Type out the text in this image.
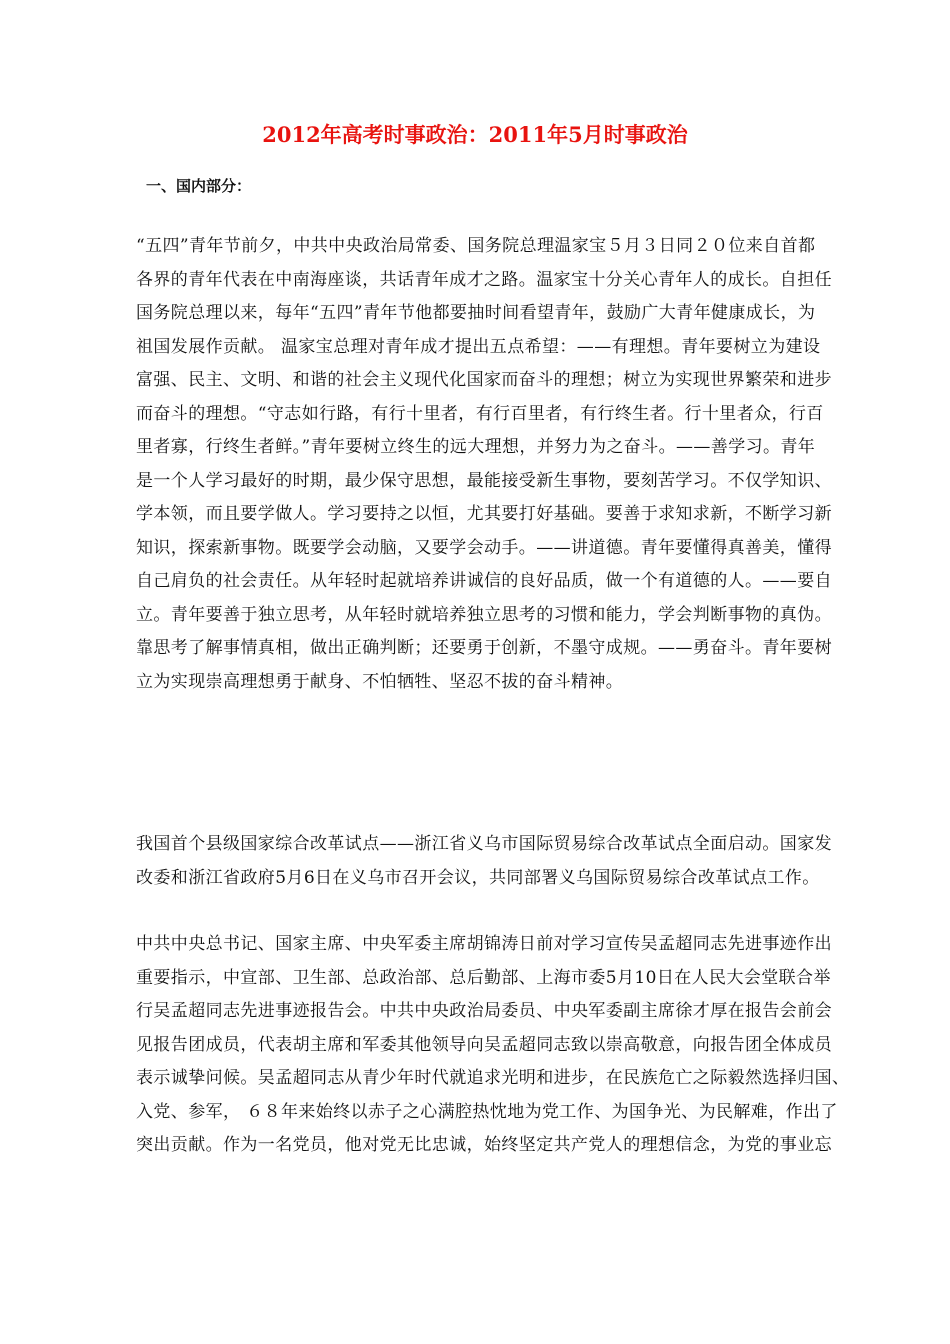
2012年高考时事政治：2011年5月时事政治
一、国内部分：
“五四”青年节前夕，中共中央政治局常委、国务院总理温家宝５月３日同２０位来自首都
各界的青年代表在中南海座谈，共话青年成才之路。温家宝十分关心青年人的成长。自担任
国务院总理以来，每年“五四”青年节他都要抽时间看望青年，鼓励广大青年健康成长，为
祖国发展作贡献。 温家宝总理对青年成才提出五点希望：——有理想。青年要树立为建设
富强、民主、文明、和谐的社会主义现代化国家而奋斗的理想；树立为实现世界繁荣和进步
而奋斗的理想。“守志如行路，有行十里者，有行百里者，有行终生者。行十里者众，行百
里者寡，行终生者鲜。”青年要树立终生的远大理想，并努力为之奋斗。——善学习。青年
是一个人学习最好的时期，最少保守思想，最能接受新生事物，要刻苦学习。不仅学知识、
学本领，而且要学做人。学习要持之以恒，尤其要打好基础。要善于求知求新，不断学习新
知识，探索新事物。既要学会动脑，又要学会动手。——讲道德。青年要懂得真善美，懂得
自己肩负的社会责任。从年轻时起就培养讲诚信的良好品质，做一个有道德的人。——要自
立。青年要善于独立思考，从年轻时就培养独立思考的习惯和能力，学会判断事物的真伪。
靠思考了解事情真相，做出正确判断；还要勇于创新，不墨守成规。——勇奋斗。青年要树
立为实现崇高理想勇于献身、不怕牺牲、坚忍不拔的奋斗精神。
我国首个县级国家综合改革试点——浙江省义乌市国际贸易综合改革试点全面启动。国家发
改委和浙江省政府5月6日在义乌市召开会议，共同部署义乌国际贸易综合改革试点工作。
中共中央总书记、国家主席、中央军委主席胡锦涛日前对学习宣传吴孟超同志先进事迹作出
重要指示，中宣部、卫生部、总政治部、总后勤部、上海市委5月10日在人民大会堂联合举
行吴孟超同志先进事迹报告会。中共中央政治局委员、中央军委副主席徐才厚在报告会前会
见报告团成员，代表胡主席和军委其他领导向吴孟超同志致以崇高敬意，向报告团全体成员
表示诚挚问候。吴孟超同志从青少年时代就追求光明和进步，在民族危亡之际毅然选择归国、
入党、参军， ６８年来始终以赤子之心满腔热忱地为党工作、为国争光、为民解难，作出了
突出贡献。作为一名党员，他对党无比忠诚，始终坚定共产党人的理想信念，为党的事业忘
